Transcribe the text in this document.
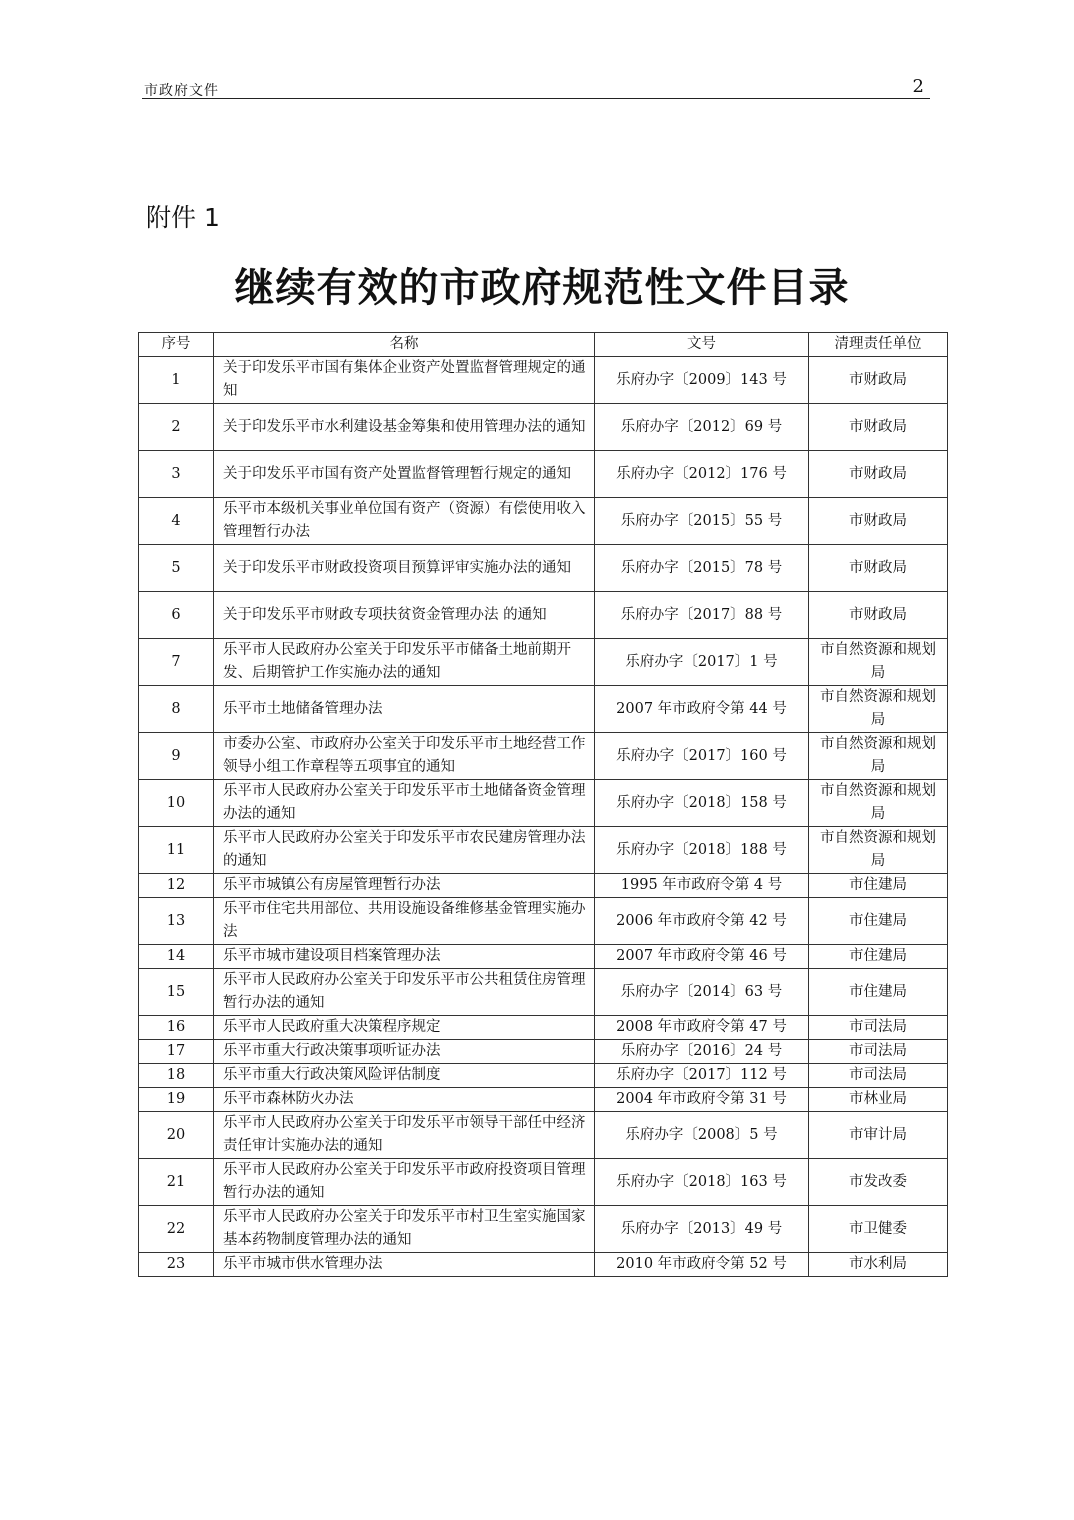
市政府文件	2
附件 1
继续有效的市政府规范性文件目录
序号	名称	文号	清理责任单位
1	关于印发乐平市国有集体企业资产处置监督管理规定的通知	乐府办字〔2009〕143 号	市财政局
2	关于印发乐平市水利建设基金筹集和使用管理办法的通知	乐府办字〔2012〕69 号	市财政局
3	关于印发乐平市国有资产处置监督管理暂行规定的通知	乐府办字〔2012〕176 号	市财政局
4	乐平市本级机关事业单位国有资产（资源）有偿使用收入管理暂行办法	乐府办字〔2015〕55 号	市财政局
5	关于印发乐平市财政投资项目预算评审实施办法的通知	乐府办字〔2015〕78 号	市财政局
6	关于印发乐平市财政专项扶贫资金管理办法 的通知	乐府办字〔2017〕88 号	市财政局
7	乐平市人民政府办公室关于印发乐平市储备土地前期开发、后期管护工作实施办法的通知	乐府办字〔2017〕1 号	市自然资源和规划局
8	乐平市土地储备管理办法	2007 年市政府令第 44 号	市自然资源和规划局
9	市委办公室、市政府办公室关于印发乐平市土地经营工作领导小组工作章程等五项事宜的通知	乐府办字〔2017〕160 号	市自然资源和规划局
10	乐平市人民政府办公室关于印发乐平市土地储备资金管理办法的通知	乐府办字〔2018〕158 号	市自然资源和规划局
11	乐平市人民政府办公室关于印发乐平市农民建房管理办法的通知	乐府办字〔2018〕188 号	市自然资源和规划局
12	乐平市城镇公有房屋管理暂行办法	1995 年市政府令第 4 号	市住建局
13	乐平市住宅共用部位、共用设施设备维修基金管理实施办法	2006 年市政府令第 42 号	市住建局
14	乐平市城市建设项目档案管理办法	2007 年市政府令第 46 号	市住建局
15	乐平市人民政府办公室关于印发乐平市公共租赁住房管理暂行办法的通知	乐府办字〔2014〕63 号	市住建局
16	乐平市人民政府重大决策程序规定	2008 年市政府令第 47 号	市司法局
17	乐平市重大行政决策事项听证办法	乐府办字〔2016〕24 号	市司法局
18	乐平市重大行政决策风险评估制度	乐府办字〔2017〕112 号	市司法局
19	乐平市森林防火办法	2004 年市政府令第 31 号	市林业局
20	乐平市人民政府办公室关于印发乐平市领导干部任中经济责任审计实施办法的通知	乐府办字〔2008〕5 号	市审计局
21	乐平市人民政府办公室关于印发乐平市政府投资项目管理暂行办法的通知	乐府办字〔2018〕163 号	市发改委
22	乐平市人民政府办公室关于印发乐平市村卫生室实施国家基本药物制度管理办法的通知	乐府办字〔2013〕49 号	市卫健委
23	乐平市城市供水管理办法	2010 年市政府令第 52 号	市水利局
